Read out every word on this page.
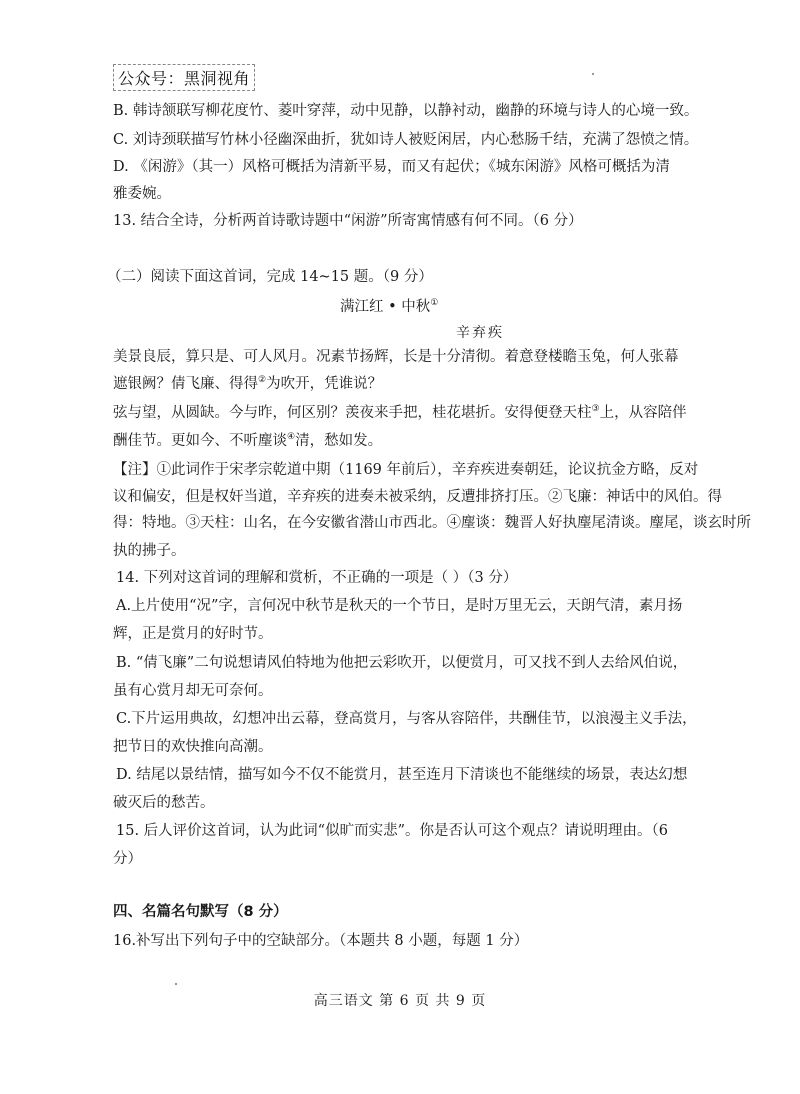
公众号：黑洞视角
B. 韩诗颔联写柳花度竹、菱叶穿萍，动中见静，以静衬动，幽静的环境与诗人的心境一致。
C. 刘诗颈联描写竹林小径幽深曲折，犹如诗人被贬闲居，内心愁肠千结，充满了怨愤之情。
D. 《闲游》（其一）风格可概括为清新平易，而又有起伏；《城东闲游》风格可概括为清
雅委婉。
13. 结合全诗，分析两首诗歌诗题中“闲游”所寄寓情感有何不同。（6 分）
（二）阅读下面这首词，完成 14~15 题。（9 分）
满江红 • 中秋①
辛弃疾
美景良辰，算只是、可人风月。况素节扬辉，长是十分清彻。着意登楼瞻玉兔，何人张幕
遮银阙？倩飞廉、得得②为吹开，凭谁说？
弦与望，从圆缺。今与昨，何区别？羡夜来手把，桂花堪折。安得便登天柱③上，从容陪伴
酬佳节。更如今、不听麈谈④清，愁如发。
【注】①此词作于宋孝宗乾道中期（1169 年前后），辛弃疾进奏朝廷，论议抗金方略，反对
议和偏安，但是权奸当道，辛弃疾的进奏未被采纳，反遭排挤打压。②飞廉：神话中的风伯。得
得：特地。③天柱：山名，在今安徽省潜山市西北。④麈谈：魏晋人好执麈尾清谈。麈尾，谈玄时所
执的拂子。
14. 下列对这首词的理解和赏析，不正确的一项是（ ）（3 分）
A.上片使用“况”字，言何况中秋节是秋天的一个节日，是时万里无云，天朗气清，素月扬
辉，正是赏月的好时节。
B. “倩飞廉”二句说想请风伯特地为他把云彩吹开，以便赏月，可又找不到人去给风伯说，
虽有心赏月却无可奈何。
C.下片运用典故，幻想冲出云幕，登高赏月，与客从容陪伴，共酬佳节，以浪漫主义手法，
把节日的欢快推向高潮。
D. 结尾以景结情，描写如今不仅不能赏月，甚至连月下清谈也不能继续的场景，表达幻想
破灭后的愁苦。
15. 后人评价这首词，认为此词“似旷而实悲”。你是否认可这个观点？请说明理由。（6
分）
四、名篇名句默写（8 分）
16.补写出下列句子中的空缺部分。（本题共 8 小题，每题 1 分）
高三语文 第 6 页 共 9 页
